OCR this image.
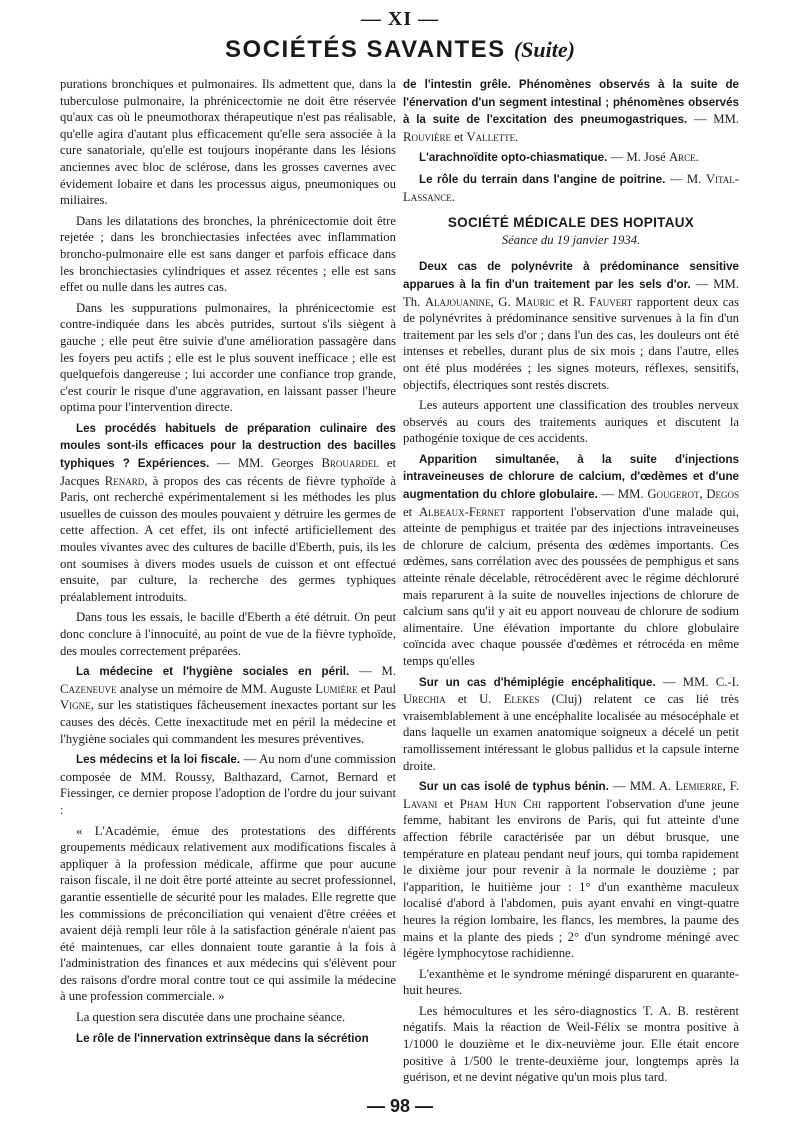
— XI —
SOCIÉTÉS SAVANTES (Suite)

purations bronchiques et pulmonaires. Ils admettent que, dans la tuberculose pulmonaire, la phrénicectomie ne doit être réservée qu'aux cas où le pneumothorax thérapeutique n'est pas réalisable, qu'elle agira d'autant plus efficacement qu'elle sera associée à la cure sanatoriale, qu'elle est toujours inopérante dans les lésions anciennes avec bloc de sclérose, dans les grosses cavernes avec évidement lobaire et dans les processus aigus, pneumoniques ou miliaires.

Dans les dilatations des bronches, la phrénicectomie doit être rejetée ; dans les bronchiectasies infectées avec inflammation broncho-pulmonaire elle est sans danger et parfois efficace dans les bronchiectasies cylindriques et assez récentes ; elle est sans effet ou nulle dans les autres cas.

Dans les suppurations pulmonaires, la phrénicectomie est contre-indiquée dans les abcès putrides, surtout s'ils siègent à gauche ; elle peut être suivie d'une amélioration passagère dans les foyers peu actifs ; elle est le plus souvent inefficace ; elle est quelquefois dangereuse ; lui accorder une confiance trop grande, c'est courir le risque d'une aggravation, en laissant passer l'heure optima pour l'intervention directe.

Les procédés habituels de préparation culinaire des moules sont-ils efficaces pour la destruction des bacilles typhiques ? Expériences. — MM. Georges Brouardel et Jacques Renard, à propos des cas récents de fièvre typhoïde à Paris, ont recherché expérimentalement si les méthodes les plus usuelles de cuisson des moules pouvaient y détruire les germes de cette affection. A cet effet, ils ont infecté artificiellement des moules vivantes avec des cultures de bacille d'Eberth, puis, ils les ont soumises à divers modes usuels de cuisson et ont effectué ensuite, par culture, la recherche des germes typhiques préalablement introduits.

Dans tous les essais, le bacille d'Eberth a été détruit. On peut donc conclure à l'innocuité, au point de vue de la fièvre typhoïde, des moules correctement préparées.

La médecine et l'hygiène sociales en péril. — M. Cazeneuve analyse un mémoire de MM. Auguste Lumière et Paul Vigne, sur les statistiques fâcheusement inexactes portant sur les causes des décès. Cette inexactitude met en péril la médecine et l'hygiène sociales qui commandent les mesures préventives.

Les médecins et la loi fiscale. — Au nom d'une commission composée de MM. Roussy, Balthazard, Carnot, Bernard et Fiessinger, ce dernier propose l'adoption de l'ordre du jour suivant :

« L'Académie, émue des protestations des différents groupements médicaux relativement aux modifications fiscales à appliquer à la profession médicale, affirme que pour aucune raison fiscale, il ne doit être porté atteinte au secret professionnel, garantie essentielle de sécurité pour les malades. Elle regrette que les commissions de préconciliation qui venaient d'être créées et avaient déjà rempli leur rôle à la satisfaction générale n'aient pas été maintenues, car elles donnaient toute garantie à la fois à l'administration des finances et aux médecins qui s'élèvent pour des raisons d'ordre moral contre tout ce qui assimile la médecine à une profession commerciale. »

La question sera discutée dans une prochaine séance.

Le rôle de l'innervation extrinsèque dans la sécrétion

de l'intestin grêle. Phénomènes observés à la suite de l'énervation d'un segment intestinal ; phénomènes observés à la suite de l'excitation des pneumogastriques. — MM. Rouvière et Vallette.

L'arachnoïdite opto-chiasmatique. — M. José Arce.

Le rôle du terrain dans l'angine de poitrine. — M. Vital-Lassance.

SOCIÉTÉ MÉDICALE DES HOPITAUX
Séance du 19 janvier 1934.

Deux cas de polynévrite à prédominance sensitive apparues à la fin d'un traitement par les sels d'or. — MM. Th. Alajouanine, G. Mauric et R. Fauvert rapportent deux cas de polynévrites à prédominance sensitive survenues à la fin d'un traitement par les sels d'or ; dans l'un des cas, les douleurs ont été intenses et rebelles, durant plus de six mois ; dans l'autre, elles ont été plus modérées ; les signes moteurs, réflexes, sensitifs, objectifs, électriques sont restés discrets.

Les auteurs apportent une classification des troubles nerveux observés au cours des traitements auriques et discutent la pathogénie toxique de ces accidents.

Apparition simultanée, à la suite d'injections intraveineuses de chlorure de calcium, d'œdèmes et d'une augmentation du chlore globulaire. — MM. Gougerot, Degos et Albeaux-Fernet rapportent l'observation d'une malade qui, atteinte de pemphigus et traitée par des injections intraveineuses de chlorure de calcium, présenta des œdèmes importants. Ces œdèmes, sans corrélation avec des poussées de pemphigus et sans atteinte rénale décelable, rétrocédèrent avec le régime déchloruré mais reparurent à la suite de nouvelles injections de chlorure de calcium sans qu'il y ait eu apport nouveau de chlorure de sodium alimentaire. Une élévation importante du chlore globulaire coïncida avec chaque poussée d'œdèmes et rétrocéda en même temps qu'elles

Sur un cas d'hémiplégie encéphalitique. — MM. C.-I. Urechia et U. Elekes (Cluj) relatent ce cas lié très vraisemblablement à une encéphalite localisée au mésocéphale et dans laquelle un examen anatomique soigneux a décelé un petit ramollissement intéressant le globus pallidus et la capsule interne droite.

Sur un cas isolé de typhus bénin. — MM. A. Lemierre, F. Lavani et Pham Hun Chi rapportent l'observation d'une jeune femme, habitant les environs de Paris, qui fut atteinte d'une affection fébrile caractérisée par un début brusque, une température en plateau pendant neuf jours, qui tomba rapidement le dixième jour pour revenir à la normale le douzième ; par l'apparition, le huitième jour : 1° d'un exanthème maculeux localisé d'abord à l'abdomen, puis ayant envahi en vingt-quatre heures la région lombaire, les flancs, les membres, la paume des mains et la plante des pieds ; 2° d'un syndrome méningé avec légère lymphocytose rachidienne.

L'exanthème et le syndrome méningé disparurent en quarante-huit heures.

Les hémocultures et les séro-diagnostics T. A. B. restèrent négatifs. Mais la réaction de Weil-Félix se montra positive à 1/1000 le douzième et le dix-neuvième jour. Elle était encore positive à 1/500 le trente-deuxième jour, longtemps après la guérison, et ne devint négative qu'un mois plus tard.

— 98 —
